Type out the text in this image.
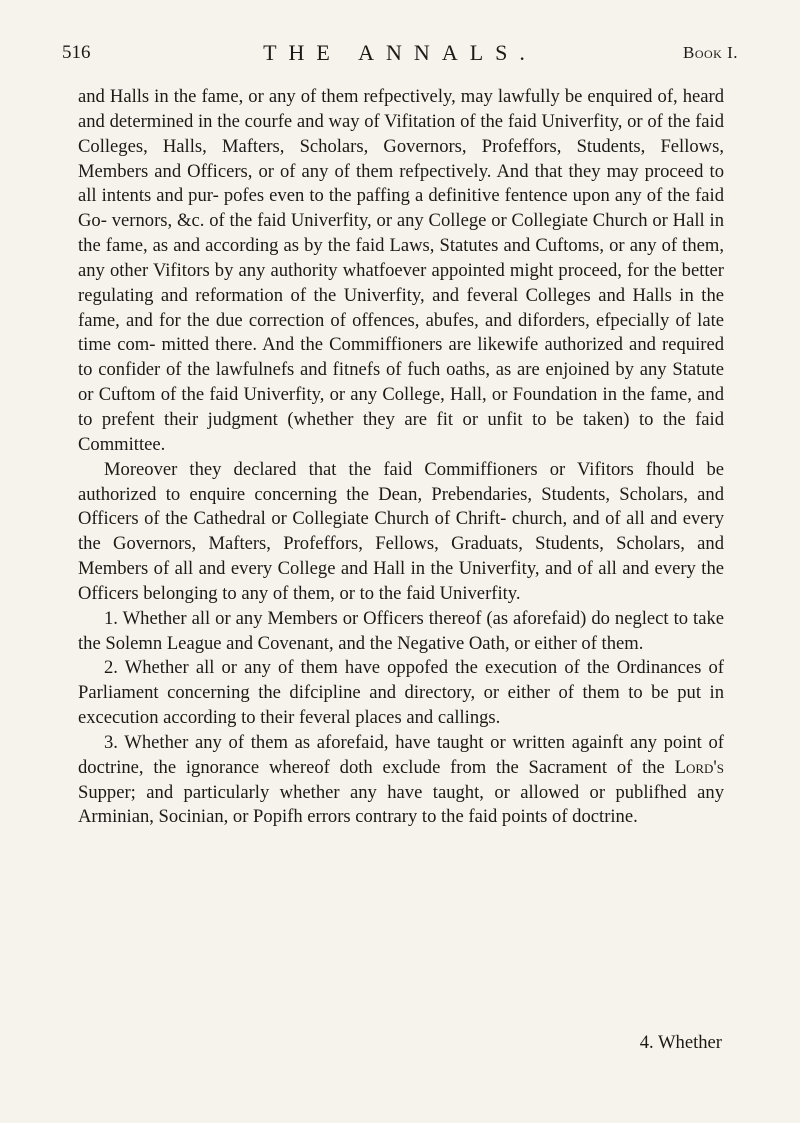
516	THE ANNALS.	Book I.

and Halls in the fame, or any of them refpectively, may lawfully be enquired of, heard and determined in the courfe and way of Vifitation of the faid Univerfity, or of the faid Colleges, Halls, Mafters, Scholars, Governors, Profeffors, Students, Fellows, Members and Officers, or of any of them refpectively. And that they may proceed to all intents and pur- pofes even to the paffing a definitive fentence upon any of the faid Go- vernors, &c. of the faid Univerfity, or any College or Collegiate Church or Hall in the fame, as and according as by the faid Laws, Statutes and Cuftoms, or any of them, any other Vifitors by any authority whatfoever appointed might proceed, for the better regulating and reformation of the Univerfity, and feveral Colleges and Halls in the fame, and for the due correction of offences, abufes, and diforders, efpecially of late time com- mitted there. And the Commiffioners are likewife authorized and required to confider of the lawfulnefs and fitnefs of fuch oaths, as are enjoined by any Statute or Cuftom of the faid Univerfity, or any College, Hall, or Foundation in the fame, and to prefent their judgment (whether they are fit or unfit to be taken) to the faid Committee.

Moreover they declared that the faid Commiffioners or Vifitors fhould be authorized to enquire concerning the Dean, Prebendaries, Students, Scholars, and Officers of the Cathedral or Collegiate Church of Chrift- church, and of all and every the Governors, Mafters, Profeffors, Fellows, Graduats, Students, Scholars, and Members of all and every College and Hall in the Univerfity, and of all and every the Officers belonging to any of them, or to the faid Univerfity.

1. Whether all or any Members or Officers thereof (as aforefaid) do neglect to take the Solemn League and Covenant, and the Negative Oath, or either of them.

2. Whether all or any of them have oppofed the execution of the Ordinances of Parliament concerning the difcipline and directory, or either of them to be put in excecution according to their feveral places and callings.

3. Whether any of them as aforefaid, have taught or written againft any point of doctrine, the ignorance whereof doth exclude from the Sacrament of the Lord's Supper; and particularly whether any have taught, or allowed or publifhed any Arminian, Socinian, or Popifh errors contrary to the faid points of doctrine.

4. Whether
